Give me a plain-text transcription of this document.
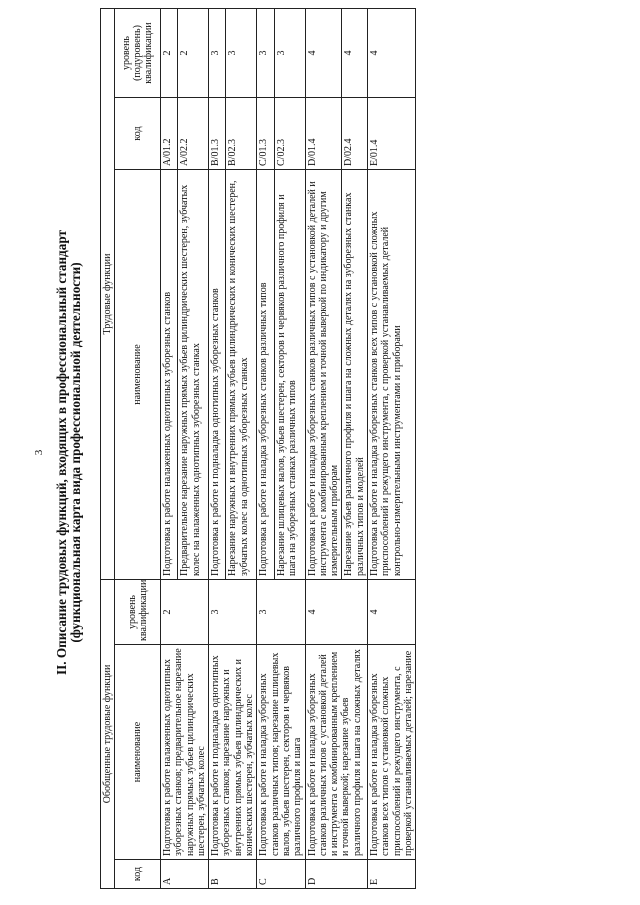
3 II. Описание трудовых функций, входящих в профессиональный стандарт (функциональная карта вида профессиональной деятельности)
Обобщенные трудовые функции			Трудовые функции		
код	наименование	уровень квалификации	наименование	код	уровень (подуровень) квалификации
A	Подготовка к работе налаженных однотипных зуборезных станков; предварительное нарезание наружных прямых зубьев цилиндрических шестерен, зубчатых колес	2	Подготовка к работе налаженных однотипных зуборезных станков	A/01.2	2
			Предварительное нарезание наружных прямых зубьев цилиндрических шестерен, зубчатых колес на налаженных однотипных зуборезных станках	A/02.2	2
B	Подготовка к работе и подналадка однотипных зуборезных станков; нарезание наружных и внутренних прямых зубьев цилиндрических и конических шестерен, зубчатых колес	3	Подготовка к работе и подналадка однотипных зуборезных станков	B/01.3	3
			Нарезание наружных и внутренних прямых зубьев цилиндрических и конических шестерен, зубчатых колес на однотипных зуборезных станках	B/02.3	3
C	Подготовка к работе и наладка зуборезных станков различных типов; нарезание шлицевых валов, зубьев шестерен, секторов и червяков различного профиля и шага	3	Подготовка к работе и наладка зуборезных станков различных типов	C/01.3	3
			Нарезание шлицевых валов, зубьев шестерен, секторов и червяков различного профиля и шага на зуборезных станках различных типов	C/02.3	3
D	Подготовка к работе и наладка зуборезных станков различных типов с установкой деталей и инструмента с комбинированным креплением и точной выверкой; нарезание зубьев различного профиля и шага на сложных деталях	4	Подготовка к работе и наладка зуборезных станков различных типов с установкой деталей и инструмента с комбинированным креплением и точной выверкой по индикатору и другим измерительным приборам	D/01.4	4
			Нарезание зубьев различного профиля и шага на сложных деталях на зуборезных станках различных типов и моделей	D/02.4	4
E	Подготовка к работе и наладка зуборезных станков всех типов с установкой сложных приспособлений и режущего инструмента, с проверкой устанавливаемых деталей; нарезание	4	Подготовка к работе и наладка зуборезных станков всех типов с установкой сложных приспособлений и режущего инструмента, с проверкой устанавливаемых деталей контрольно-измерительными инструментами и приборами	E/01.4	4
